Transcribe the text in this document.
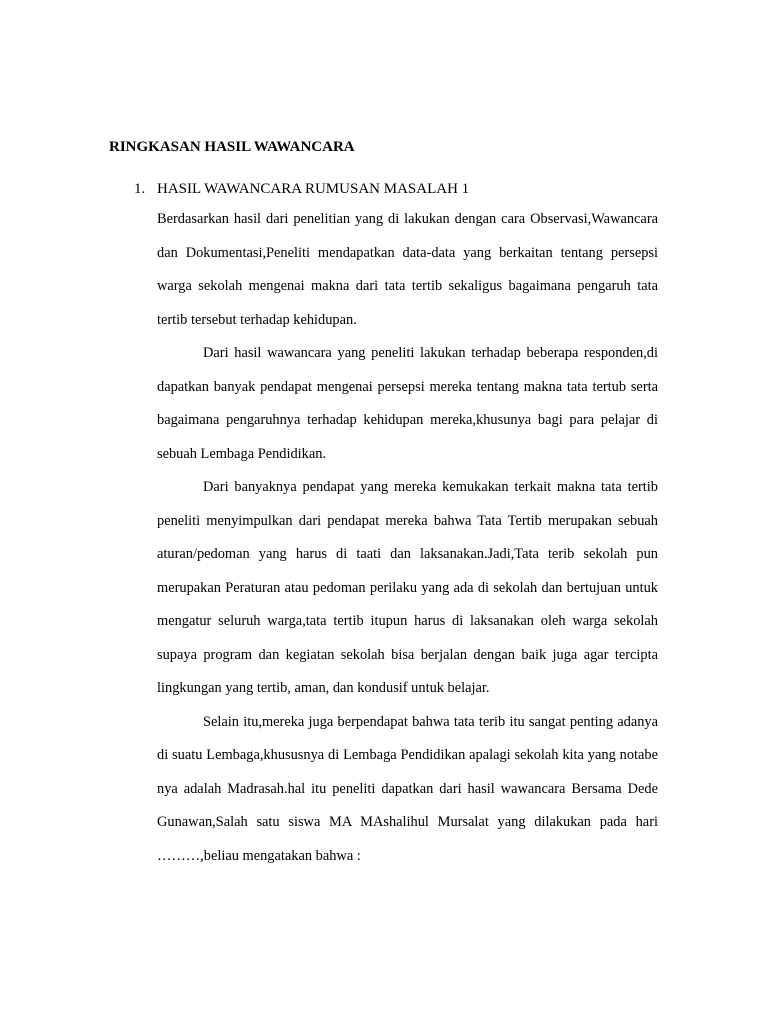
RINGKASAN HASIL WAWANCARA
1. HASIL WAWANCARA RUMUSAN MASALAH 1

Berdasarkan hasil dari penelitian yang di lakukan dengan cara Observasi,Wawancara dan Dokumentasi,Peneliti mendapatkan data-data yang berkaitan tentang persepsi warga sekolah mengenai makna dari tata tertib sekaligus bagaimana pengaruh tata tertib tersebut terhadap kehidupan.

Dari hasil wawancara yang peneliti lakukan terhadap beberapa responden,di dapatkan banyak pendapat mengenai persepsi mereka tentang makna tata tertub serta bagaimana pengaruhnya terhadap kehidupan mereka,khusunya bagi para pelajar di sebuah Lembaga Pendidikan.

Dari banyaknya pendapat yang mereka kemukakan terkait makna tata tertib peneliti menyimpulkan dari pendapat mereka bahwa Tata Tertib merupakan sebuah aturan/pedoman yang harus di taati dan laksanakan.Jadi,Tata terib sekolah pun merupakan Peraturan atau pedoman perilaku yang ada di sekolah dan bertujuan untuk mengatur seluruh warga,tata tertib itupun harus di laksanakan oleh warga sekolah supaya program dan kegiatan sekolah bisa berjalan dengan baik juga agar tercipta lingkungan yang tertib, aman, dan kondusif untuk belajar.

Selain itu,mereka juga berpendapat bahwa tata terib itu sangat penting adanya di suatu Lembaga,khususnya di Lembaga Pendidikan apalagi sekolah kita yang notabe nya adalah Madrasah.hal itu peneliti dapatkan dari hasil wawancara Bersama Dede Gunawan,Salah satu siswa MA MAshalihul Mursalat yang dilakukan pada hari ………,beliau mengatakan bahwa :
